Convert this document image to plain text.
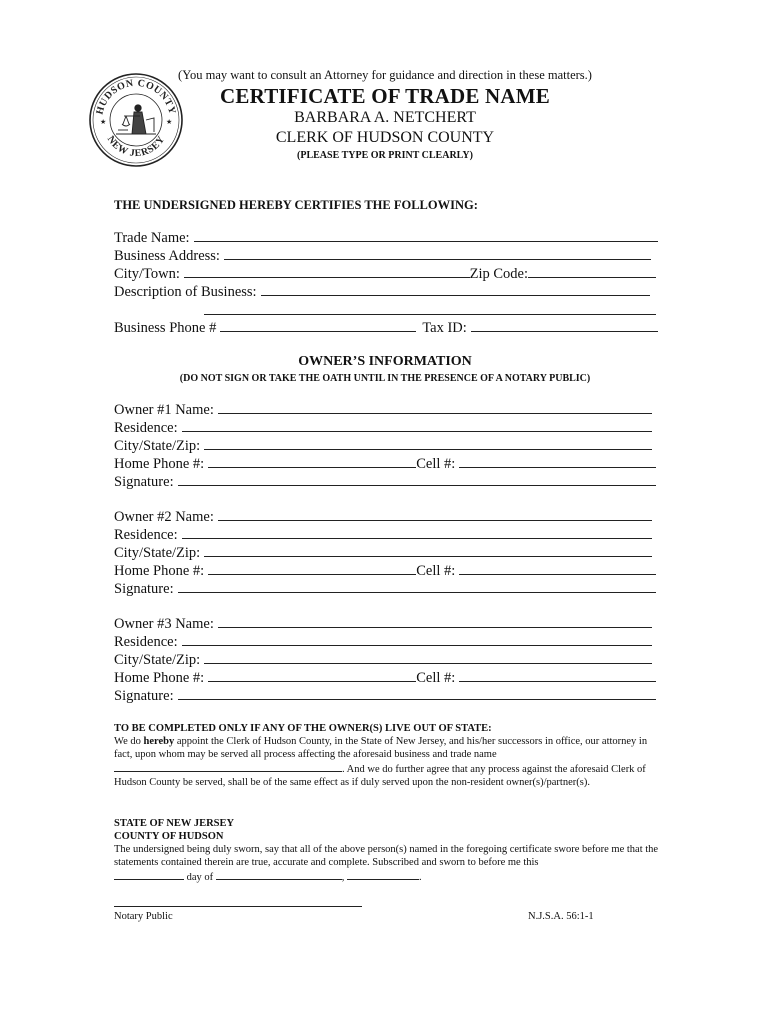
HUDSON COUNTY
NEW JERSEY
★	★
(You may want to consult an Attorney for guidance and direction in these matters.)
CERTIFICATE OF TRADE NAME
BARBARA A. NETCHERT
CLERK OF HUDSON COUNTY
(PLEASE TYPE OR PRINT CLEARLY)
THE UNDERSIGNED HEREBY CERTIFIES THE FOLLOWING:
Trade Name:
Business Address:
City/Town:	Zip Code:
Description of Business:
Business Phone #	Tax ID:
OWNER’S INFORMATION
(DO NOT SIGN OR TAKE THE OATH UNTIL IN THE PRESENCE OF A NOTARY PUBLIC)
Owner #1 Name:
Residence:
City/State/Zip:
Home Phone #:	Cell #:
Signature:
Owner #2 Name:
Residence:
City/State/Zip:
Home Phone #:	Cell #:
Signature:
Owner #3 Name:
Residence:
City/State/Zip:
Home Phone #:	Cell #:
Signature:
TO BE COMPLETED ONLY IF ANY OF THE OWNER(S) LIVE OUT OF STATE:
We do hereby appoint the Clerk of Hudson County, in the State of New Jersey, and his/her successors in office, our attorney in fact, upon whom may be served all process affecting the aforesaid business and trade name. And we do further agree that any process against the aforesaid Clerk of Hudson County be served, shall be of the same effect as if duly served upon the non-resident owner(s)/partner(s).
STATE OF NEW JERSEY
COUNTY OF HUDSON
The undersigned being duly sworn, say that all of the above person(s) named in the foregoing certificate swore before me that the statements contained therein are true, accurate and complete. Subscribed and sworn to before me this
day of	,	.
Notary Public	N.J.S.A. 56:1-1
